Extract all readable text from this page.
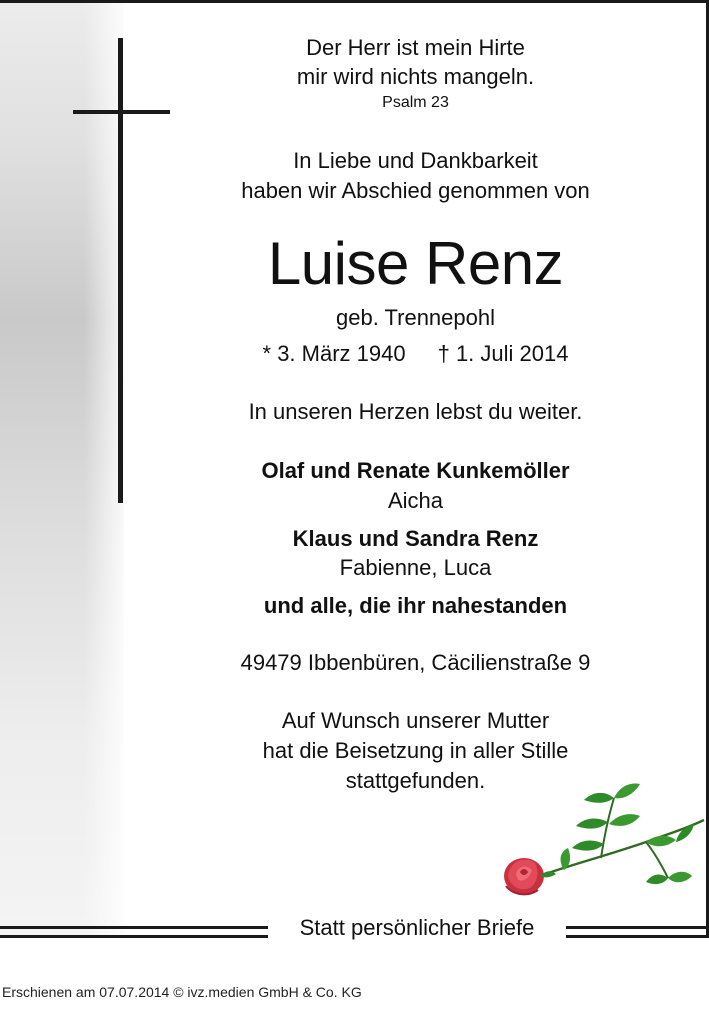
Der Herr ist mein Hirte
mir wird nichts mangeln.
Psalm 23
In Liebe und Dankbarkeit
haben wir Abschied genommen von
Luise Renz
geb. Trennepohl
* 3. März 1940 † 1. Juli 2014
In unseren Herzen lebst du weiter.
Olaf und Renate Kunkemöller
Aicha
Klaus und Sandra Renz
Fabienne, Luca
und alle, die ihr nahestanden
49479 Ibbenbüren, Cäcilienstraße 9
Auf Wunsch unserer Mutter
hat die Beisetzung in aller Stille
stattgefunden.
Statt persönlicher Briefe
Erschienen am 07.07.2014 © ivz.medien GmbH & Co. KG
